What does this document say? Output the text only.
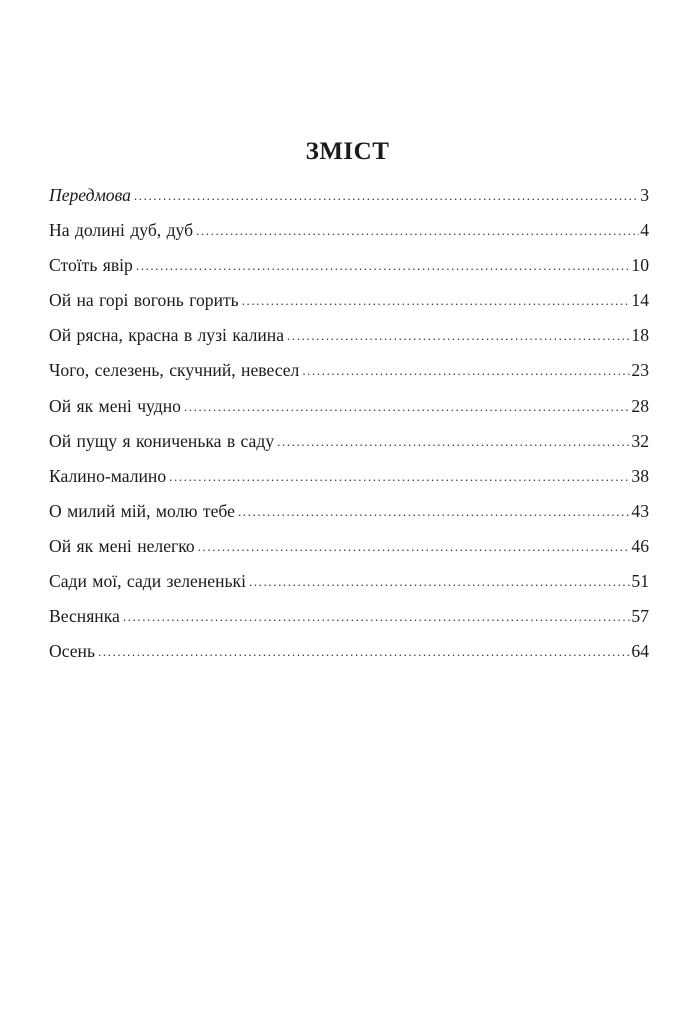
ЗМІСТ
Передмова .....	3
На долині дуб, дуб .....	4
Стоїть явір .....	10
Ой на горі вогонь горить .....	14
Ой рясна, красна в лузі калина .....	18
Чого, селезень, скучний, невесел .....	23
Ой як мені чудно .....	28
Ой пущу я коничeнька в саду .....	32
Калино-малино .....	38
О милий мій, молю тебе .....	43
Ой як мені нелегко .....	46
Сади мої, сади зелененькі .....	51
Веснянка .....	57
Осень .....	64
